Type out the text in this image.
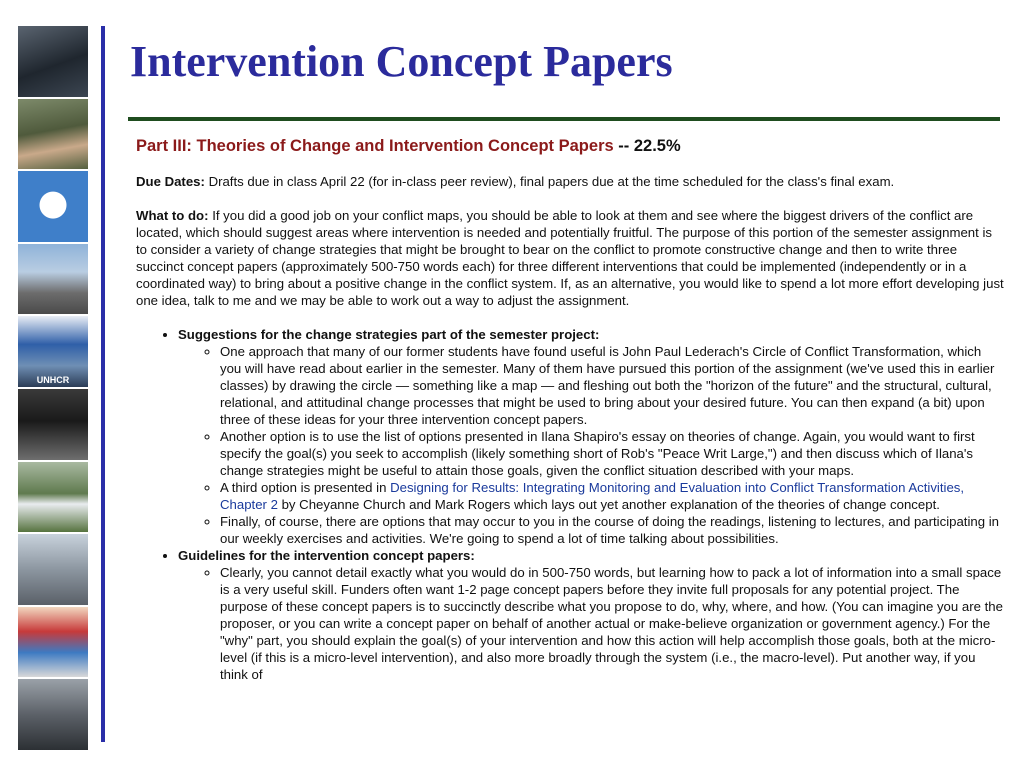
UNHCR
Intervention Concept Papers
Part III: Theories of Change and Intervention Concept Papers -- 22.5%

Due Dates: Drafts due in class April 22 (for in-class peer review), final papers due at the time scheduled for the class's final exam.

What to do: If you did a good job on your conflict maps, you should be able to look at them and see where the biggest drivers of the conflict are located, which should suggest areas where intervention is needed and potentially fruitful. The purpose of this portion of the semester assignment is to consider a variety of change strategies that might be brought to bear on the conflict to promote constructive change and then to write three succinct concept papers (approximately 500-750 words each) for three different interventions that could be implemented (independently or in a coordinated way) to bring about a positive change in the conflict system. If, as an alternative, you would like to spend a lot more effort developing just one idea, talk to me and we may be able to work out a way to adjust the assignment.

• Suggestions for the change strategies part of the semester project:
◦ One approach that many of our former students have found useful is John Paul Lederach's Circle of Conflict Transformation, which you will have read about earlier in the semester. Many of them have pursued this portion of the assignment (we've used this in earlier classes) by drawing the circle — something like a map — and fleshing out both the "horizon of the future" and the structural, cultural, relational, and attitudinal change processes that might be used to bring about your desired future. You can then expand (a bit) upon three of these ideas for your three intervention concept papers.
◦ Another option is to use the list of options presented in Ilana Shapiro's essay on theories of change. Again, you would want to first specify the goal(s) you seek to accomplish (likely something short of Rob's "Peace Writ Large,") and then discuss which of Ilana's change strategies might be useful to attain those goals, given the conflict situation described with your maps.
◦ A third option is presented in Designing for Results: Integrating Monitoring and Evaluation into Conflict Transformation Activities, Chapter 2 by Cheyanne Church and Mark Rogers which lays out yet another explanation of the theories of change concept.
◦ Finally, of course, there are options that may occur to you in the course of doing the readings, listening to lectures, and participating in our weekly exercises and activities. We're going to spend a lot of time talking about possibilities.
• Guidelines for the intervention concept papers:
◦ Clearly, you cannot detail exactly what you would do in 500-750 words, but learning how to pack a lot of information into a small space is a very useful skill. Funders often want 1-2 page concept papers before they invite full proposals for any potential project. The purpose of these concept papers is to succinctly describe what you propose to do, why, where, and how. (You can imagine you are the proposer, or you can write a concept paper on behalf of another actual or make-believe organization or government agency.) For the "why" part, you should explain the goal(s) of your intervention and how this action will help accomplish those goals, both at the micro-level (if this is a micro-level intervention), and also more broadly through the system (i.e., the macro-level). Put another way, if you think of
